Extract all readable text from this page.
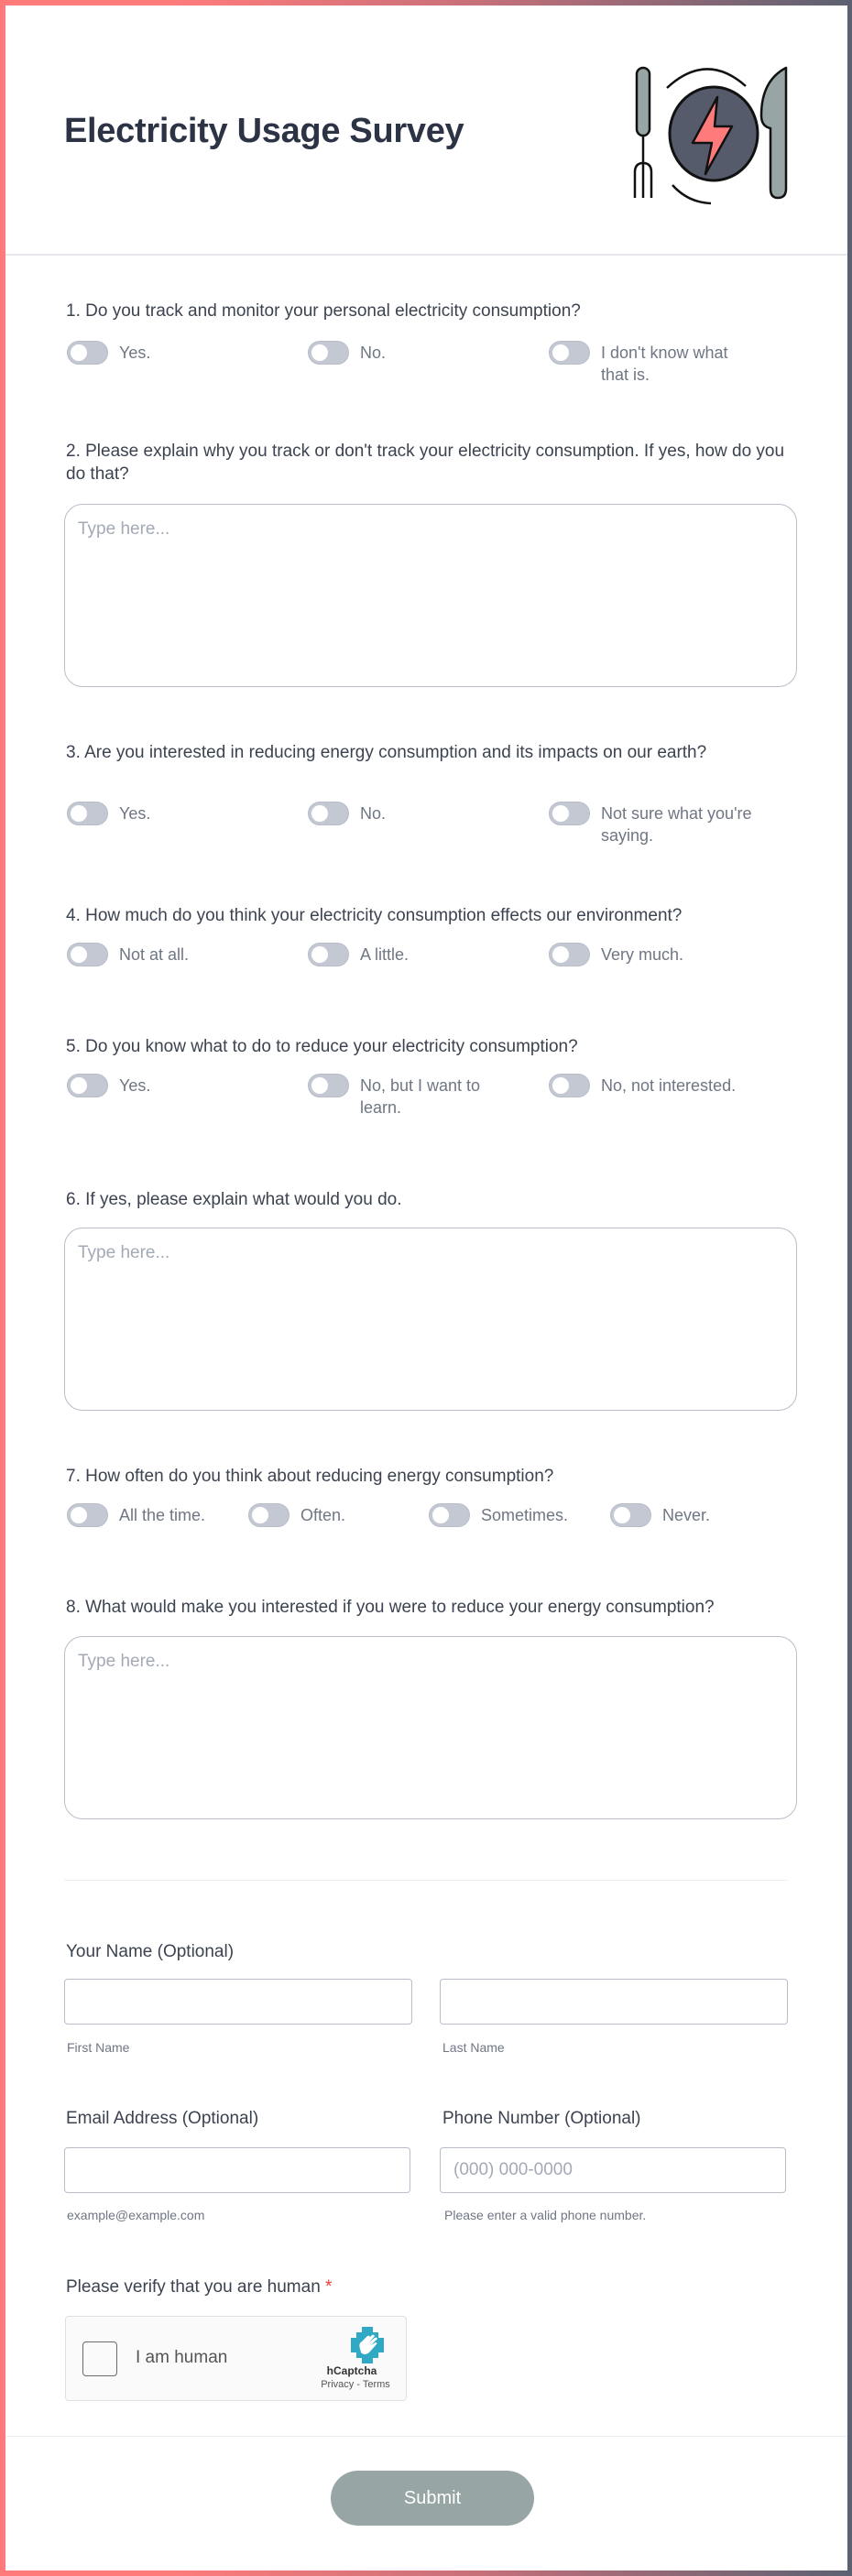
Electricity Usage Survey
1. Do you track and monitor your personal electricity consumption?
Yes.	No.	I don't know what that is.
2. Please explain why you track or don't track your electricity consumption. If yes, how do you do that?
Type here...
3. Are you interested in reducing energy consumption and its impacts on our earth?
Yes.	No.	Not sure what you're saying.
4. How much do you think your electricity consumption effects our environment?
Not at all.	A little.	Very much.
5. Do you know what to do to reduce your electricity consumption?
Yes.	No, but I want to learn.
No, not interested.
6. If yes, please explain what would you do.
Type here...
7. How often do you think about reducing energy consumption?
All the time.	Often.	Sometimes.	Never.
8. What would make you interested if you were to reduce your energy consumption?
Type here...
Your Name (Optional)
First Name	Last Name
Email Address (Optional)	Phone Number (Optional)
(000) 000-0000
example@example.com	Please enter a valid phone number.
Please verify that you are human *
I am human
hCaptcha
Privacy - Terms
Submit
